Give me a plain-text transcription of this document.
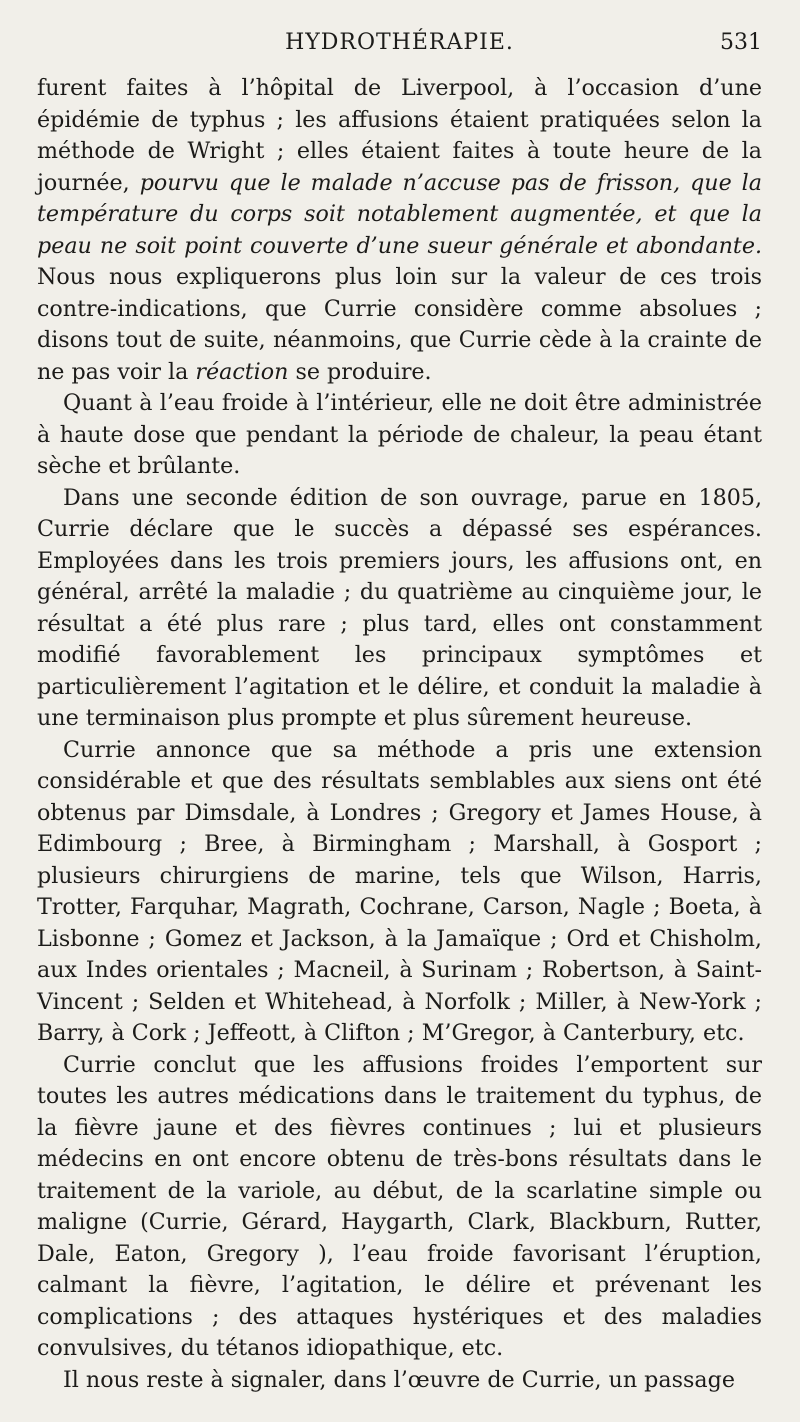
HYDROTHÉRAPIE.	531

furent faites à l’hôpital de Liverpool, à l’occasion d’une épidémie de typhus ; les affusions étaient pratiquées selon la méthode de Wright ; elles étaient faites à toute heure de la journée, pourvu que le malade n’accuse pas de frisson, que la température du corps soit notablement augmentée, et que la peau ne soit point couverte d’une sueur générale et abondante. Nous nous expliquerons plus loin sur la valeur de ces trois contre-indications, que Currie considère comme absolues ; disons tout de suite, néanmoins, que Currie cède à la crainte de ne pas voir la réaction se produire.

Quant à l’eau froide à l’intérieur, elle ne doit être administrée à haute dose que pendant la période de chaleur, la peau étant sèche et brûlante.

Dans une seconde édition de son ouvrage, parue en 1805, Currie déclare que le succès a dépassé ses espérances. Employées dans les trois premiers jours, les affusions ont, en général, arrêté la maladie ; du quatrième au cinquième jour, le résultat a été plus rare ; plus tard, elles ont constamment modifié favorablement les principaux symptômes et particulièrement l’agitation et le délire, et conduit la maladie à une terminaison plus prompte et plus sûrement heureuse.

Currie annonce que sa méthode a pris une extension considérable et que des résultats semblables aux siens ont été obtenus par Dimsdale, à Londres ; Gregory et James House, à Edimbourg ; Bree, à Birmingham ; Marshall, à Gosport ; plusieurs chirurgiens de marine, tels que Wilson, Harris, Trotter, Farquhar, Magrath, Cochrane, Carson, Nagle ; Boeta, à Lisbonne ; Gomez et Jackson, à la Jamaïque ; Ord et Chisholm, aux Indes orientales ; Macneil, à Surinam ; Robertson, à Saint-Vincent ; Selden et Whitehead, à Norfolk ; Miller, à New-York ; Barry, à Cork ; Jeffeott, à Clifton ; M’Gregor, à Canterbury, etc.

Currie conclut que les affusions froides l’emportent sur toutes les autres médications dans le traitement du typhus, de la fièvre jaune et des fièvres continues ; lui et plusieurs médecins en ont encore obtenu de très-bons résultats dans le traitement de la variole, au début, de la scarlatine simple ou maligne (Currie, Gérard, Haygarth, Clark, Blackburn, Rutter, Dale, Eaton, Gregory ), l’eau froide favorisant l’éruption, calmant la fièvre, l’agitation, le délire et prévenant les complications ; des attaques hystériques et des maladies convulsives, du tétanos idiopathique, etc.

Il nous reste à signaler, dans l’œuvre de Currie, un passage
